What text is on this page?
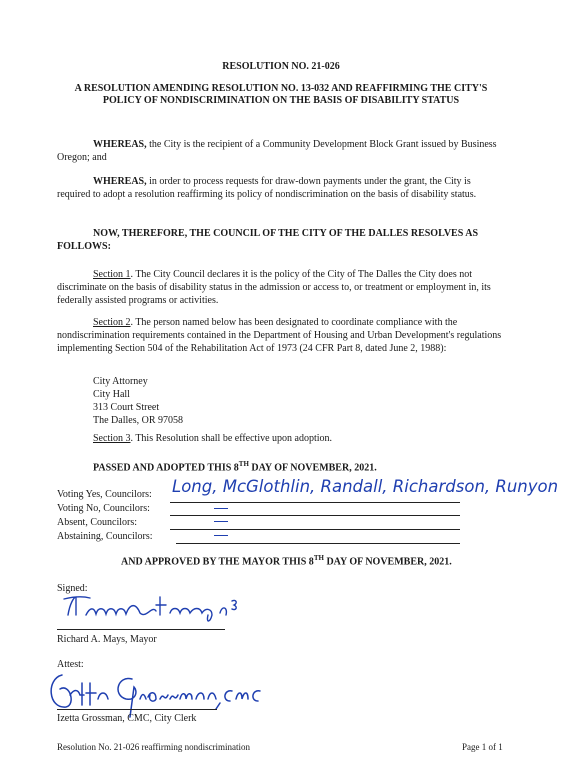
RESOLUTION NO. 21-026
A RESOLUTION AMENDING RESOLUTION NO. 13-032 AND REAFFIRMING THE CITY'S POLICY OF NONDISCRIMINATION ON THE BASIS OF DISABILITY STATUS
WHEREAS, the City is the recipient of a Community Development Block Grant issued by Business Oregon; and
WHEREAS, in order to process requests for draw-down payments under the grant, the City is required to adopt a resolution reaffirming its policy of nondiscrimination on the basis of disability status.
NOW, THEREFORE, THE COUNCIL OF THE CITY OF THE DALLES RESOLVES AS FOLLOWS:
Section 1. The City Council declares it is the policy of the City of The Dalles the City does not discriminate on the basis of disability status in the admission or access to, or treatment or employment in, its federally assisted programs or activities.
Section 2. The person named below has been designated to coordinate compliance with the nondiscrimination requirements contained in the Department of Housing and Urban Development's regulations implementing Section 504 of the Rehabilitation Act of 1973 (24 CFR Part 8, dated June 2, 1988):
City Attorney
City Hall
313 Court Street
The Dalles, OR 97058
Section 3. This Resolution shall be effective upon adoption.
PASSED AND ADOPTED THIS 8TH DAY OF NOVEMBER, 2021.
Voting Yes, Councilors: Long, McGlothlin, Randall, Richardson, Runyon
Voting No, Councilors:
Absent, Councilors:
Abstaining, Councilors:
AND APPROVED BY THE MAYOR THIS 8TH DAY OF NOVEMBER, 2021.
Signed:
Richard A. Mays, Mayor
Attest:
Izetta Grossman, CMC, City Clerk
Resolution No. 21-026 reaffirming nondiscrimination	Page 1 of 1
